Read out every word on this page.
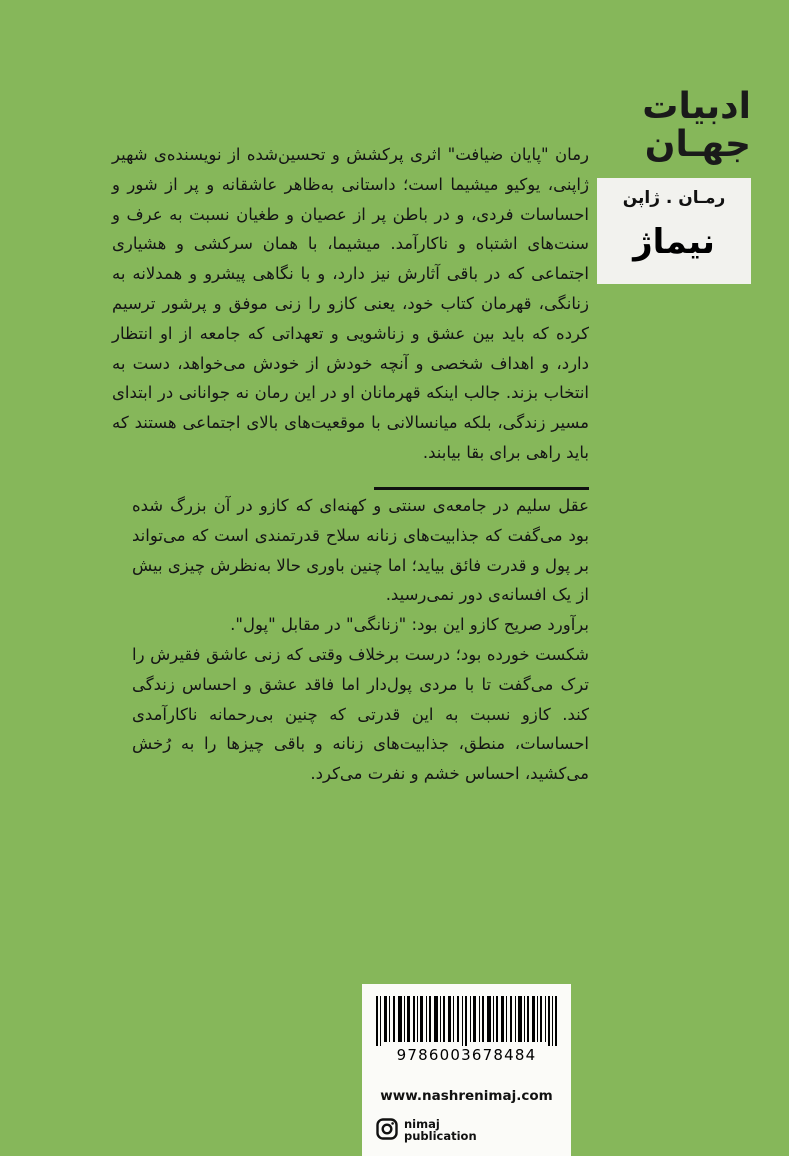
ادبیات
جهـان
رمـان . ژاپن
نیماژ
رمان "پایان ضیافت" اثری پرکشش و تحسین‌شده از نویسنده‌ی شهیر ژاپنی، یوکیو میشیما است؛ داستانی به‌ظاهر عاشقانه و پر از شور و احساسات فردی، و در باطن پر از عصیان و طغیان نسبت به عرف و سنت‌های اشتباه و ناکارآمد. میشیما، با همان سرکشی و هشیاری اجتماعی که در باقی آثارش نیز دارد، و با نگاهی پیشرو و همدلانه به زنانگی، قهرمان کتاب خود، یعنی کازو را زنی موفق و پرشور ترسیم کرده که باید بین عشق و زناشویی و تعهداتی که جامعه از او انتظار دارد، و اهداف شخصی و آنچه خودش از خودش می‌خواهد، دست به انتخاب بزند. جالب اینکه قهرمانان او در این رمان نه جوانانی در ابتدای مسیر زندگی، بلکه میانسالانی با موقعیت‌های بالای اجتماعی هستند که باید راهی برای بقا بیابند.

عقل سلیم در جامعه‌ی سنتی و کهنه‌ای که کازو در آن بزرگ شده بود می‌گفت که جذابیت‌های زنانه سلاح قدرتمندی است که می‌تواند بر پول و قدرت فائق بیاید؛ اما چنین باوری حالا به‌نظرش چیزی بیش از یک افسانه‌ی دور نمی‌رسید.

برآورد صریح کازو این بود: "زنانگی" در مقابل "پول".

شکست خورده بود؛ درست برخلاف وقتی که زنی عاشق فقیرش را ترک می‌گفت تا با مردی پول‌دار اما فاقد عشق و احساس زندگی کند. کازو نسبت به این قدرتی که چنین بی‌رحمانه ناکارآمدی احساسات، منطق، جذابیت‌های زنانه و باقی چیزها را به رُخش می‌کشید، احساس خشم و نفرت می‌کرد.

9786003678484
www.nashrenimaj.com
nimaj
publication
